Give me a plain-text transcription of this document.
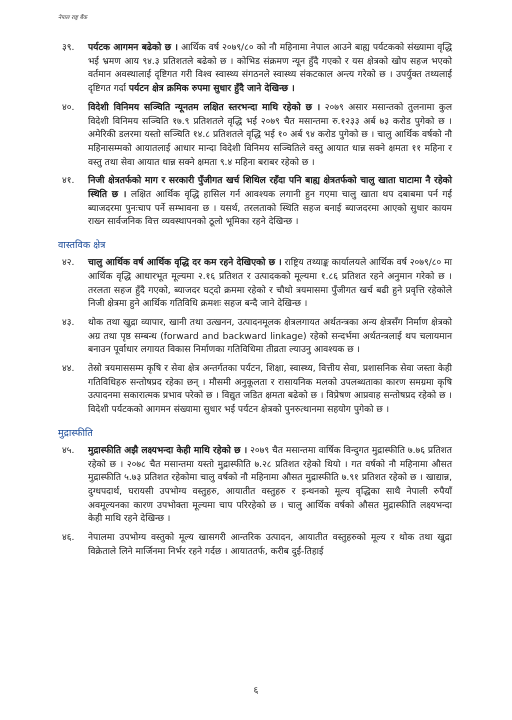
नेपाल राष्ट्र बैंक
३९. पर्यटक आगमन बढेको छ । आर्थिक वर्ष २०७९/८० को नौ महिनामा नेपाल आउने बाह्य पर्यटकको संख्यामा वृद्धि भई भ्रमण आय ९४.३ प्रतिशतले बढेको छ । कोभिड संक्रमण न्यून हुँदै गएको र यस क्षेत्रको खोप सहज भएको वर्तमान अवस्थालाई दृष्टिगत गरी विश्व स्वास्थ्य संगठनले स्वास्थ्य संकटकाल अन्त्य गरेको छ । उपर्युक्त तथ्यलाई दृष्टिगत गर्दा पर्यटन क्षेत्र क्रमिक रुपमा सुधार हुँदै जाने देखिन्छ ।
४०. विदेशी विनिमय सञ्चिति न्यूनतम लक्षित स्तरभन्दा माथि रहेको छ । २०७९ असार मसान्तको तुलनामा कुल विदेशी विनिमय सञ्चिति १७.९ प्रतिशतले वृद्धि भई २०७९ चैत मसान्तमा रु.१२३३ अर्ब ७३ करोड पुगेको छ । अमेरिकी डलरमा यस्तो सञ्चिति १४.८ प्रतिशतले वृद्धि भई १० अर्ब ९४ करोड पुगेको छ । चालु आर्थिक वर्षको नौ महिनासम्मको आयातलाई आधार मान्दा विदेशी विनिमय सञ्चितिले वस्तु आयात धान्न सक्ने क्षमता ११ महिना र वस्तु तथा सेवा आयात धान्न सक्ने क्षमता ९.४ महिना बराबर रहेको छ ।
४१. निजी क्षेत्रतर्फको माग र सरकारी पुँजीगत खर्च शिथिल रहँदा पनि बाह्य क्षेत्रतर्फको चालु खाता घाटामा नै रहेको स्थिति छ । लक्षित आर्थिक वृद्धि हासिल गर्न आवश्यक लगानी हुन गएमा चालु खाता थप दबाबमा पर्न गई ब्याजदरमा पुनःचाप पर्ने सम्भावना छ । यसर्थ, तरलताको स्थिति सहज बनाई ब्याजदरमा आएको सुधार कायम राख्न सार्वजनिक वित्त व्यवस्थापनको ठूलो भूमिका रहने देखिन्छ ।
वास्तविक क्षेत्र
४२. चालु आर्थिक वर्ष आर्थिक वृद्धि दर कम रहने देखिएको छ । राष्ट्रिय तथ्याङ्क कार्यालयले आर्थिक वर्ष २०७९/८० मा आर्थिक वृद्धि आधारभूत मूल्यमा २.१६ प्रतिशत र उत्पादकको मूल्यमा १.८६ प्रतिशत रहने अनुमान गरेको छ । तरलता सहज हुँदै गएको, ब्याजदर घट्दो क्रममा रहेको र चौथो त्रयमासमा पुँजीगत खर्च बढी हुने प्रवृत्ति रहेकोले निजी क्षेत्रमा हुने आर्थिक गतिविधि क्रमशः सहज बन्दै जाने देखिन्छ ।
४३. थोक तथा खुद्रा व्यापार, खानी तथा उत्खनन, उत्पादनमूलक क्षेत्रलगायत अर्थतन्त्रका अन्य क्षेत्रसँग निर्माण क्षेत्रको अग्र तथा पृष्ठ सम्बन्ध (forward and backward linkage) रहेको सन्दर्भमा अर्थतन्त्रलाई थप चलायमान बनाउन पूर्वाधार लगायत विकास निर्माणका गतिविधिमा तीव्रता ल्याउनु आवश्यक छ ।
४४. तेस्रो त्रयमाससम्म कृषि र सेवा क्षेत्र अन्तर्गतका पर्यटन, शिक्षा, स्वास्थ्य, वित्तीय सेवा, प्रशासनिक सेवा जस्ता केही गतिविधिहरु सन्तोषप्रद रहेका छन् । मौसमी अनुकूलता र रासायनिक मलको उपलब्धताका कारण समग्रमा कृषि उत्पादनमा सकारात्मक प्रभाव परेको छ । विद्युत जडित क्षमता बढेको छ । विप्रेषण आप्रवाह सन्तोषप्रद रहेको छ । विदेशी पर्यटकको आगमन संख्यामा सुधार भई पर्यटन क्षेत्रको पुनरुत्थानमा सहयोग पुगेको छ ।
मुद्रास्फीति
४५. मुद्रास्फीति अझै लक्ष्यभन्दा केही माथि रहेको छ । २०७९ चैत मसान्तमा वार्षिक विन्दुगत मुद्रास्फीति ७.७६ प्रतिशत रहेको छ । २०७८ चैत मसान्तमा यस्तो मुद्रास्फीति ७.२८ प्रतिशत रहेको थियो । गत वर्षको नौ महिनामा औसत मुद्रास्फीति ५.७३ प्रतिशत रहेकोमा चालु वर्षको नौ महिनामा औसत मुद्रास्फीति ७.९१ प्रतिशत रहेको छ । खाद्यान्न, दुग्धपदार्थ, घरायसी उपभोग्य वस्तुहरु, आयातीत वस्तुहरु र इन्धनको मूल्य वृद्धिका साथै नेपाली रुपैयाँ अवमूल्यनका कारण उपभोक्ता मूल्यमा चाप परिरहेको छ । चालु आर्थिक वर्षको औसत मुद्रास्फीति लक्ष्यभन्दा केही माथि रहने देखिन्छ ।
४६. नेपालमा उपभोग्य वस्तुको मूल्य खासगरी आन्तरिक उत्पादन, आयातीत वस्तुहरुको मूल्य र थोक तथा खुद्रा विक्रेताले लिने मार्जिनमा निर्भर रहने गर्दछ । आयाततर्फ, करीब दुई-तिहाई
६
